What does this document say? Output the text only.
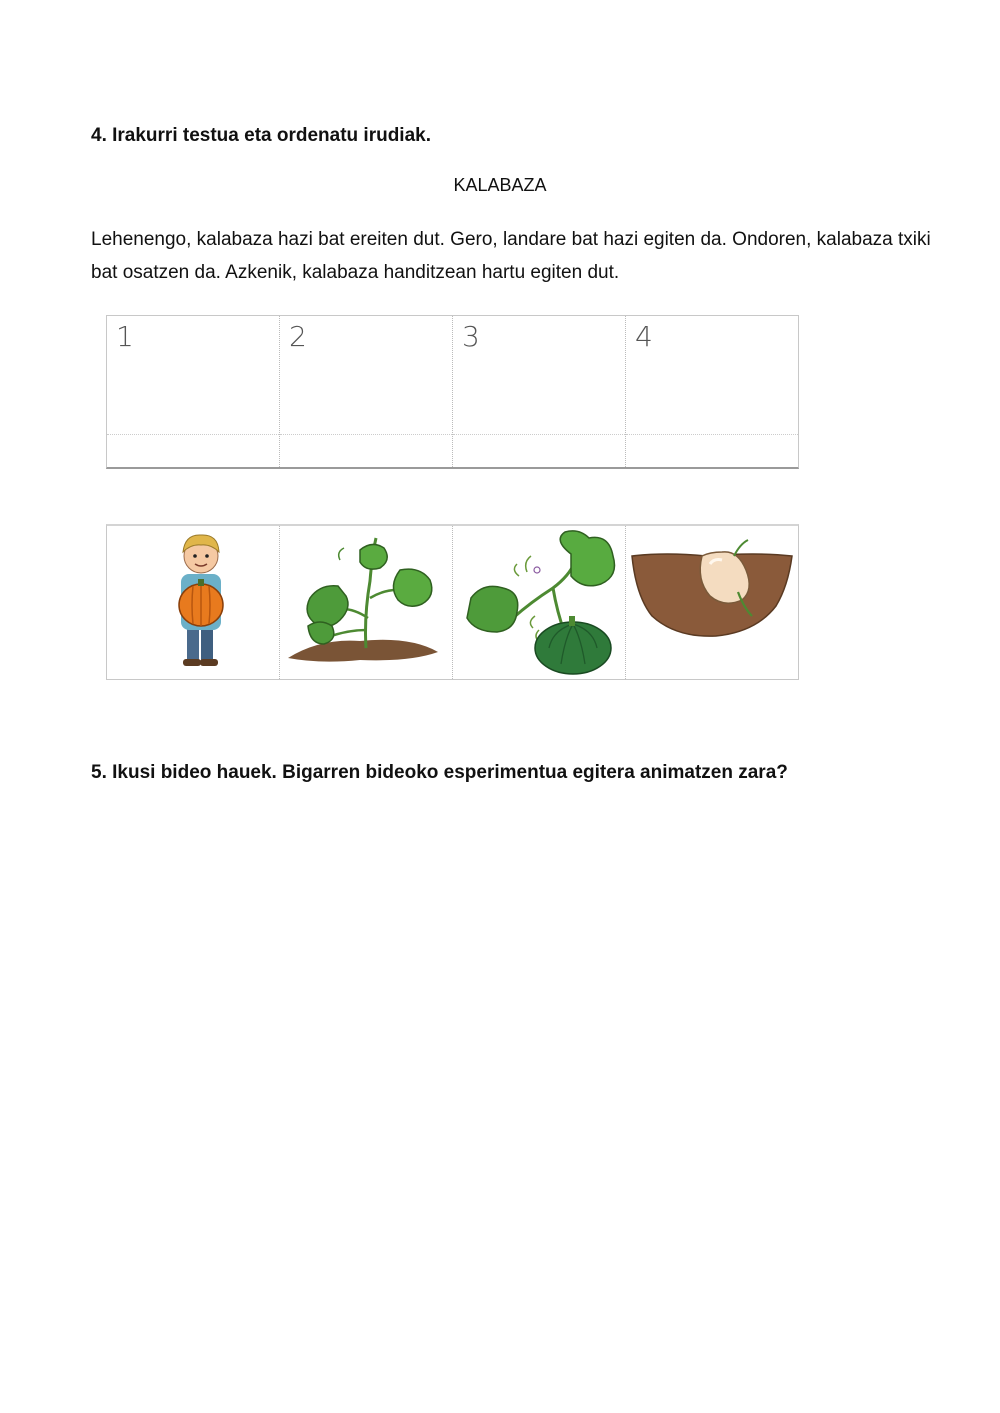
4. Irakurri testua eta ordenatu irudiak.
KALABAZA
Lehenengo, kalabaza hazi bat ereiten dut. Gero, landare bat hazi egiten da. Ondoren, kalabaza txiki bat osatzen da. Azkenik, kalabaza handitzean hartu egiten dut.
1	2	3	4
5. Ikusi bideo hauek. Bigarren bideoko esperimentua egitera animatzen zara?
